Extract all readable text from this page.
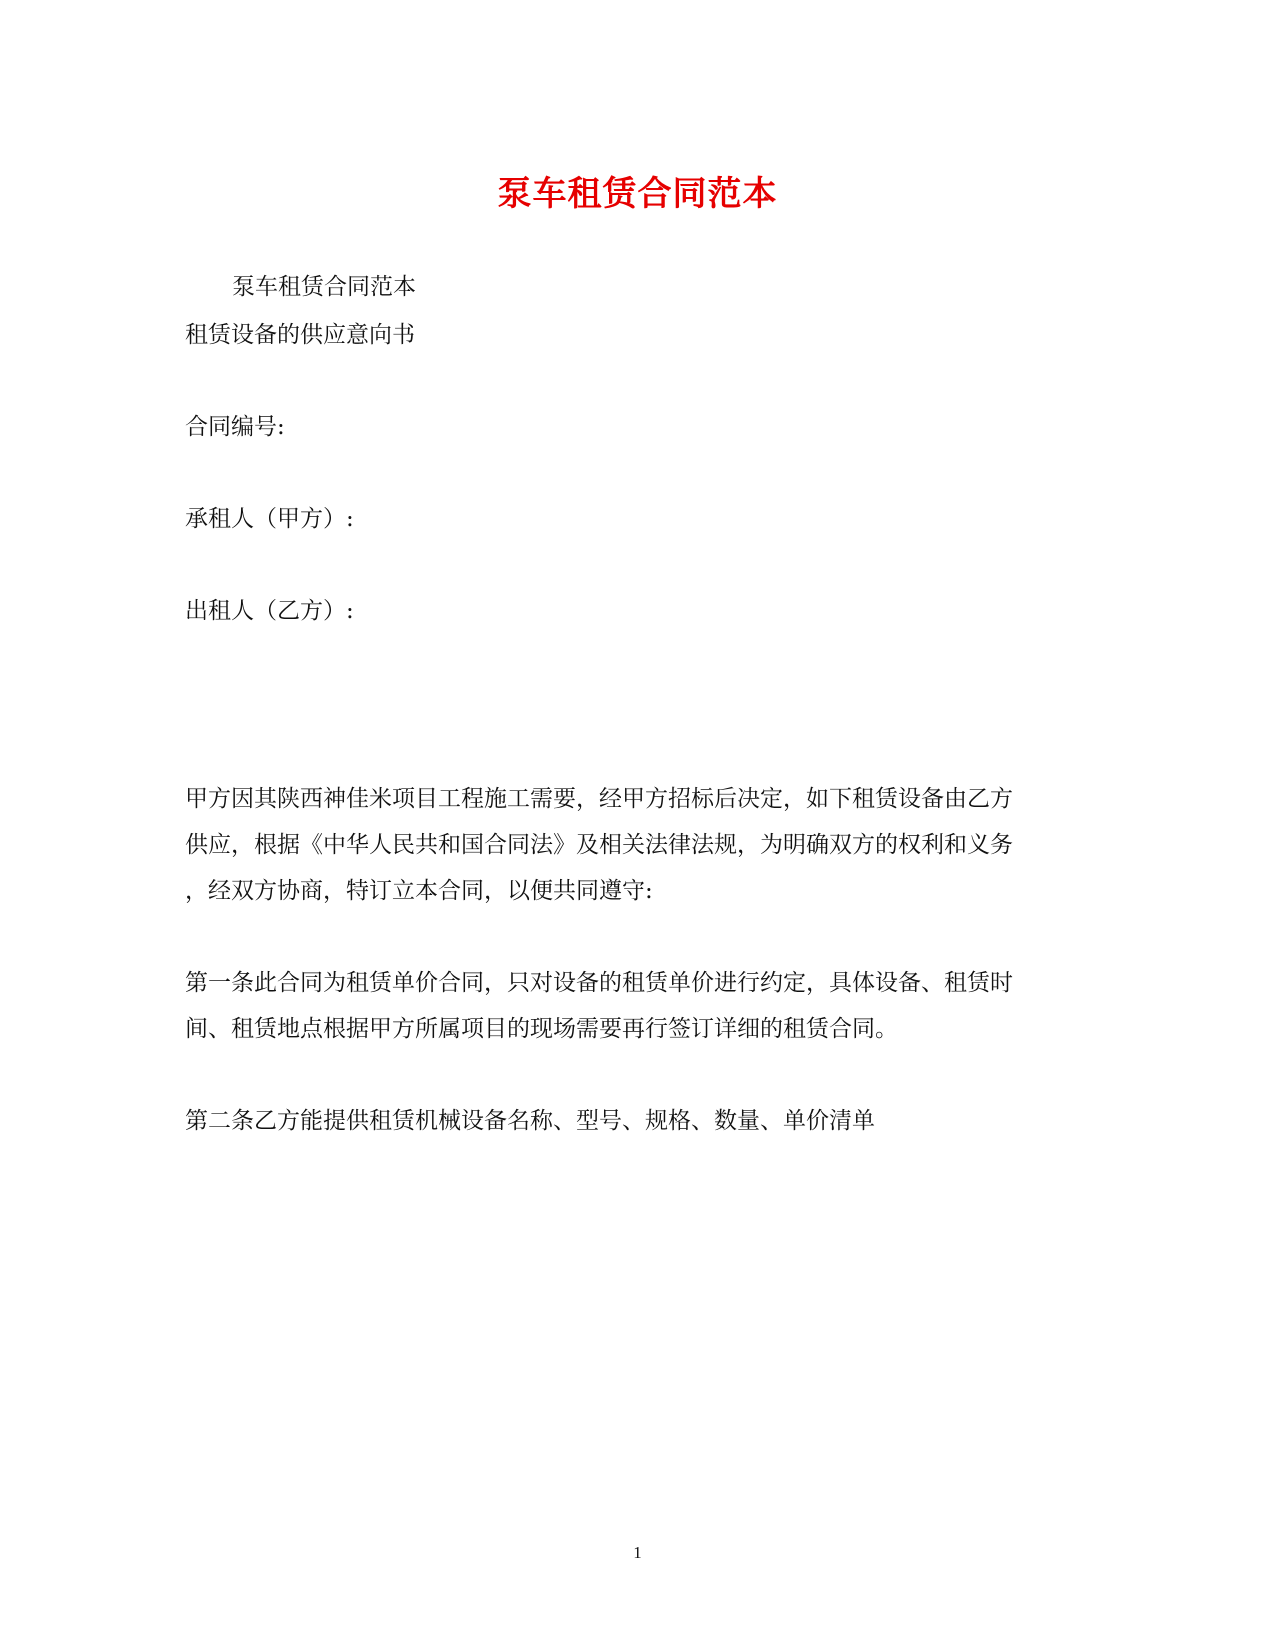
泵车租赁合同范本
泵车租赁合同范本
租赁设备的供应意向书
合同编号:
承租人（甲方）:
出租人（乙方）:
甲方因其陕西神佳米项目工程施工需要，经甲方招标后决定，如下租赁设备由乙方
供应，根据《中华人民共和国合同法》及相关法律法规，为明确双方的权利和义务
，经双方协商，特订立本合同，以便共同遵守:
第一条此合同为租赁单价合同，只对设备的租赁单价进行约定，具体设备、租赁时
间、租赁地点根据甲方所属项目的现场需要再行签订详细的租赁合同。
第二条乙方能提供租赁机械设备名称、型号、规格、数量、单价清单
1
